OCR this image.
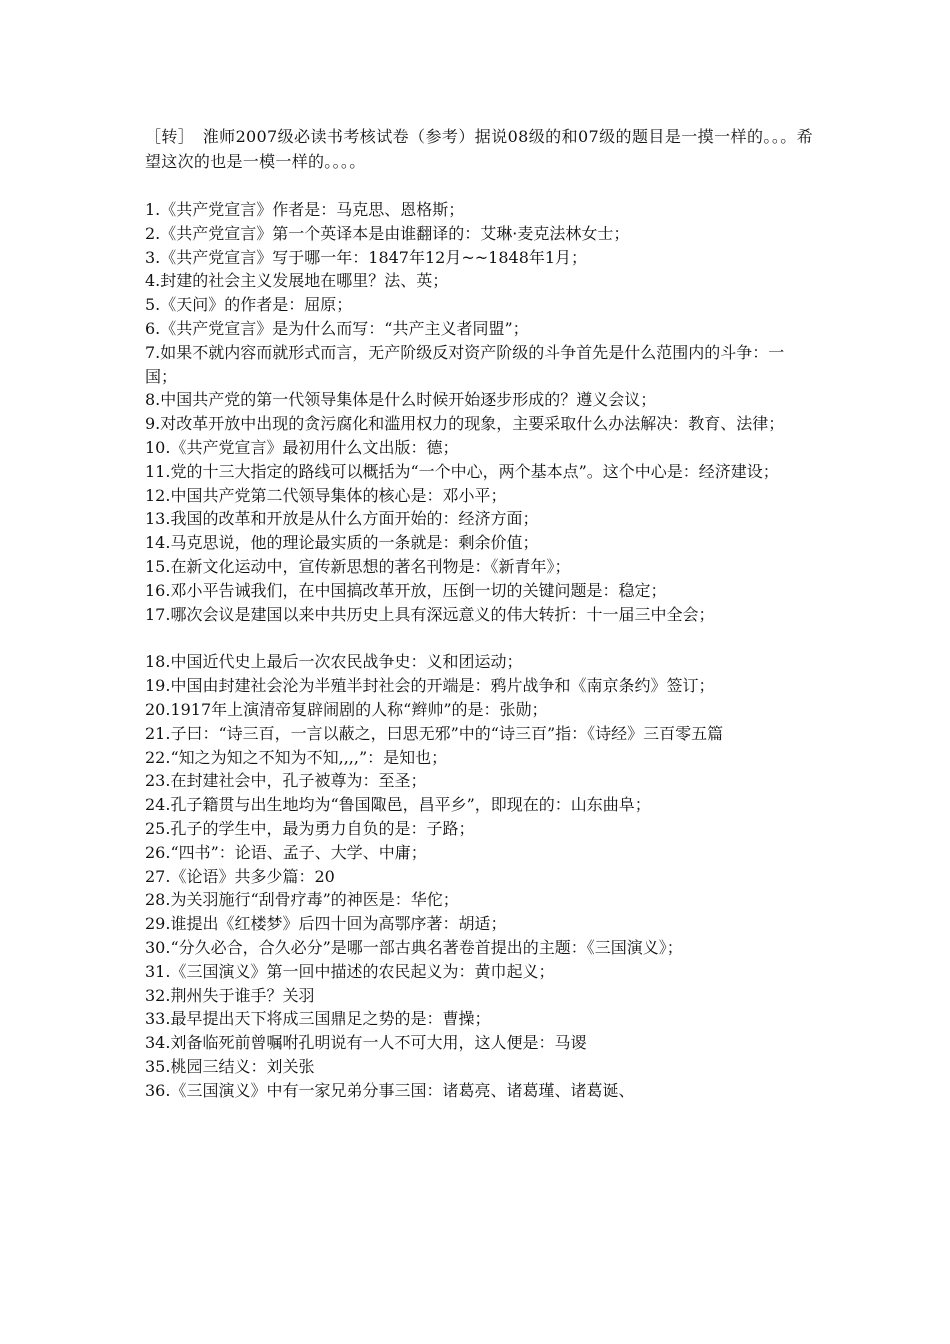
［转］　淮师2007级必读书考核试卷（参考）据说08级的和07级的题目是一摸一样的。。。希望这次的也是一模一样的。。。。

1.《共产党宣言》作者是：马克思、恩格斯；
2.《共产党宣言》第一个英译本是由谁翻译的：艾琳·麦克法林女士；
3.《共产党宣言》写于哪一年：1847年12月~~1848年1月；
4.封建的社会主义发展地在哪里？法、英；
5.《天问》的作者是：屈原；
6.《共产党宣言》是为什么而写：“共产主义者同盟”；
7.如果不就内容而就形式而言，无产阶级反对资产阶级的斗争首先是什么范围内的斗争：一国；
8.中国共产党的第一代领导集体是什么时候开始逐步形成的？遵义会议；
9.对改革开放中出现的贪污腐化和滥用权力的现象，主要采取什么办法解决：教育、法律；
10.《共产党宣言》最初用什么文出版：德；
11.党的十三大指定的路线可以概括为“一个中心，两个基本点”。这个中心是：经济建设；
12.中国共产党第二代领导集体的核心是：邓小平；
13.我国的改革和开放是从什么方面开始的：经济方面；
14.马克思说，他的理论最实质的一条就是：剩余价值；
15.在新文化运动中，宣传新思想的著名刊物是：《新青年》；
16.邓小平告诫我们，在中国搞改革开放，压倒一切的关键问题是：稳定；
17.哪次会议是建国以来中共历史上具有深远意义的伟大转折：十一届三中全会；
18.中国近代史上最后一次农民战争史：义和团运动；
19.中国由封建社会沦为半殖半封社会的开端是：鸦片战争和《南京条约》签订；
20.1917年上演清帝复辟闹剧的人称“辫帅”的是：张勋；
21.子曰：“诗三百，一言以蔽之，曰思无邪”中的“诗三百”指：《诗经》三百零五篇
22.“知之为知之不知为不知,,,,”：是知也；
23.在封建社会中，孔子被尊为：至圣；
24.孔子籍贯与出生地均为“鲁国陬邑，昌平乡”，即现在的：山东曲阜；
25.孔子的学生中，最为勇力自负的是：子路；
26.“四书”：论语、孟子、大学、中庸；
27.《论语》共多少篇：20
28.为关羽施行“刮骨疗毒”的神医是：华佗；
29.谁提出《红楼梦》后四十回为高鄂序著：胡适；
30.“分久必合，合久必分”是哪一部古典名著卷首提出的主题：《三国演义》；
31.《三国演义》第一回中描述的农民起义为：黄巾起义；
32.荆州失于谁手？关羽
33.最早提出天下将成三国鼎足之势的是：曹操；
34.刘备临死前曾嘱咐孔明说有一人不可大用，这人便是：马谡
35.桃园三结义：刘关张
36.《三国演义》中有一家兄弟分事三国：诸葛亮、诸葛瑾、诸葛诞、
